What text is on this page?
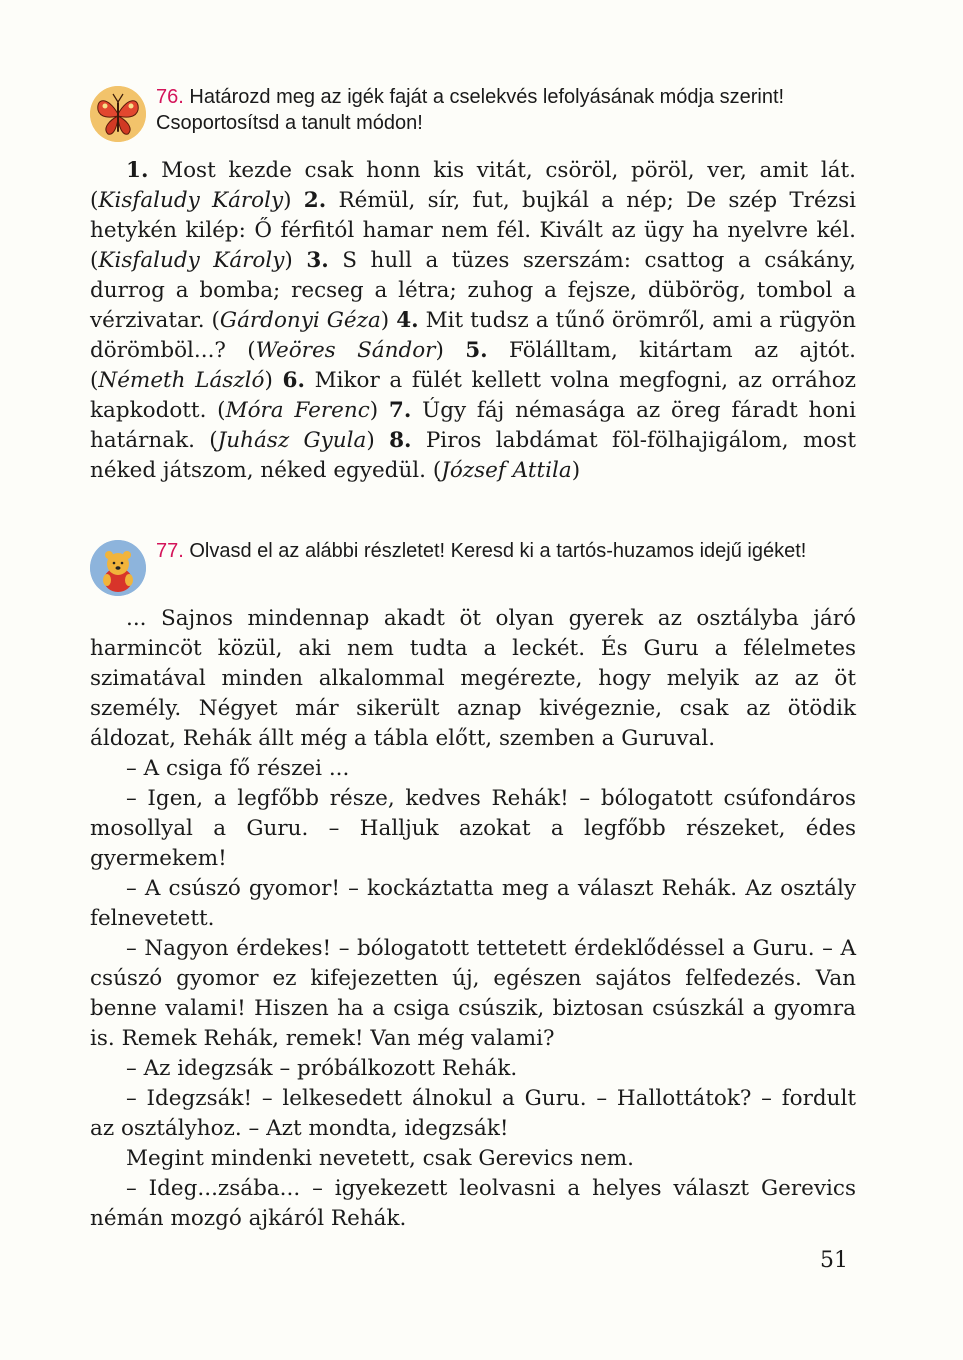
76. Határozd meg az igék faját a cselekvés lefolyásának módja szerint! Csoportosítsd a tanult módon!

1. Most kezde csak honn kis vitát, csöröl, pöröl, ver, amit lát. (Kisfaludy Károly) 2. Rémül, sír, fut, bujkál a nép; De szép Trézsi hetykén kilép: Ő férfitól hamar nem fél. Kivált az ügy ha nyelvre kél. (Kisfaludy Károly) 3. S hull a tüzes szerszám: csattog a csákány, durrog a bomba; recseg a létra; zuhog a fejsze, dübörög, tombol a vérzivatar. (Gárdonyi Géza) 4. Mit tudsz a tűnő örömről, ami a rügyön dörömböl...? (Weöres Sándor) 5. Fölálltam, kitártam az ajtót. (Németh László) 6. Mikor a fülét kellett volna megfogni, az orrához kapkodott. (Móra Ferenc) 7. Úgy fáj némasága az öreg fáradt honi határnak. (Juhász Gyula) 8. Piros labdámat föl-fölhajigálom, most néked játszom, néked egyedül. (József Attila)

77. Olvasd el az alábbi részletet! Keresd ki a tartós-huzamos idejű igéket!

... Sajnos mindennap akadt öt olyan gyerek az osztályba járó harmincöt közül, aki nem tudta a leckét. És Guru a félelmetes szimatával minden alkalommal megérezte, hogy melyik az az öt személy. Négyet már sikerült aznap kivégeznie, csak az ötödik áldozat, Rehák állt még a tábla előtt, szemben a Guruval.

– A csiga fő részei ...

– Igen, a legfőbb része, kedves Rehák! – bólogatott csúfondáros mosollyal a Guru. – Halljuk azokat a legfőbb részeket, édes gyermekem!

– A csúszó gyomor! – kockáztatta meg a választ Rehák. Az osztály felnevetett.

– Nagyon érdekes! – bólogatott tettetett érdeklődéssel a Guru. – A csúszó gyomor ez kifejezetten új, egészen sajátos felfedezés. Van benne valami! Hiszen ha a csiga csúszik, biztosan csúszkál a gyomra is. Remek Rehák, remek! Van még valami?

– Az idegzsák – próbálkozott Rehák.

– Idegzsák! – lelkesedett álnokul a Guru. – Hallottátok? – fordult az osztályhoz. – Azt mondta, idegzsák!

Megint mindenki nevetett, csak Gerevics nem.

– Ideg...zsába... – igyekezett leolvasni a helyes választ Gerevics némán mozgó ajkáról Rehák.

51
